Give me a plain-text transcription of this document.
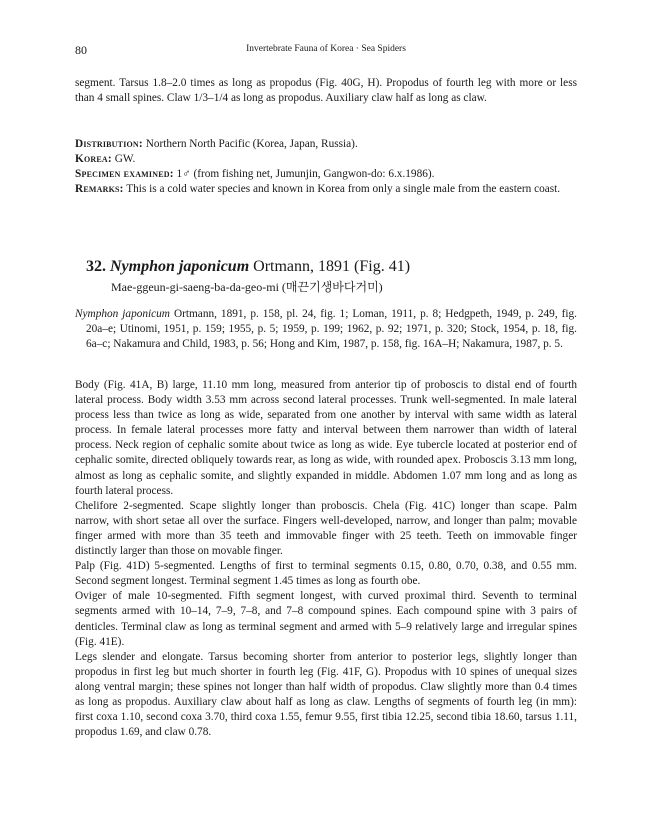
80	Invertebrate Fauna of Korea · Sea Spiders

segment. Tarsus 1.8–2.0 times as long as propodus (Fig. 40G, H). Propodus of fourth leg with more or less than 4 small spines. Claw 1/3–1/4 as long as propodus. Auxiliary claw half as long as claw.

Distribution: Northern North Pacific (Korea, Japan, Russia).
Korea: GW.
Specimen examined: 1♂ (from fishing net, Jumunjin, Gangwon-do: 6.x.1986).
Remarks: This is a cold water species and known in Korea from only a single male from the eastern coast.
32. Nymphon japonicum Ortmann, 1891 (Fig. 41)
Mae-ggeun-gi-saeng-ba-da-geo-mi (매끈기생바다거미)

Nymphon japonicum Ortmann, 1891, p. 158, pl. 24, fig. 1; Loman, 1911, p. 8; Hedgpeth, 1949, p. 249, fig. 20a–e; Utinomi, 1951, p. 159; 1955, p. 5; 1959, p. 199; 1962, p. 92; 1971, p. 320; Stock, 1954, p. 18, fig. 6a–c; Nakamura and Child, 1983, p. 56; Hong and Kim, 1987, p. 158, fig. 16A–H; Nakamura, 1987, p. 5.

Body (Fig. 41A, B) large, 11.10 mm long, measured from anterior tip of proboscis to distal end of fourth lateral process. Body width 3.53 mm across second lateral processes. Trunk well-segmented. In male lateral process less than twice as long as wide, separated from one another by interval with same width as lateral process. In female lateral processes more fatty and interval between them narrower than width of lateral process. Neck region of cephalic somite about twice as long as wide. Eye tubercle located at posterior end of cephalic somite, directed obliquely towards rear, as long as wide, with rounded apex. Proboscis 3.13 mm long, almost as long as cephalic somite, and slightly expanded in middle. Abdomen 1.07 mm long and as long as fourth lateral process.

Chelifore 2-segmented. Scape slightly longer than proboscis. Chela (Fig. 41C) longer than scape. Palm narrow, with short setae all over the surface. Fingers well-developed, narrow, and longer than palm; movable finger armed with more than 35 teeth and immovable finger with 25 teeth. Teeth on immovable finger distinctly larger than those on movable finger.

Palp (Fig. 41D) 5-segmented. Lengths of first to terminal segments 0.15, 0.80, 0.70, 0.38, and 0.55 mm. Second segment longest. Terminal segment 1.45 times as long as fourth obe.

Oviger of male 10-segmented. Fifth segment longest, with curved proximal third. Seventh to terminal segments armed with 10–14, 7–9, 7–8, and 7–8 compound spines. Each compound spine with 3 pairs of denticles. Terminal claw as long as terminal segment and armed with 5–9 relatively large and irregular spines (Fig. 41E).

Legs slender and elongate. Tarsus becoming shorter from anterior to posterior legs, slightly longer than propodus in first leg but much shorter in fourth leg (Fig. 41F, G). Propodus with 10 spines of unequal sizes along ventral margin; these spines not longer than half width of propodus. Claw slightly more than 0.4 times as long as propodus. Auxiliary claw about half as long as claw. Lengths of segments of fourth leg (in mm): first coxa 1.10, second coxa 3.70, third coxa 1.55, femur 9.55, first tibia 12.25, second tibia 18.60, tarsus 1.11, propodus 1.69, and claw 0.78.
